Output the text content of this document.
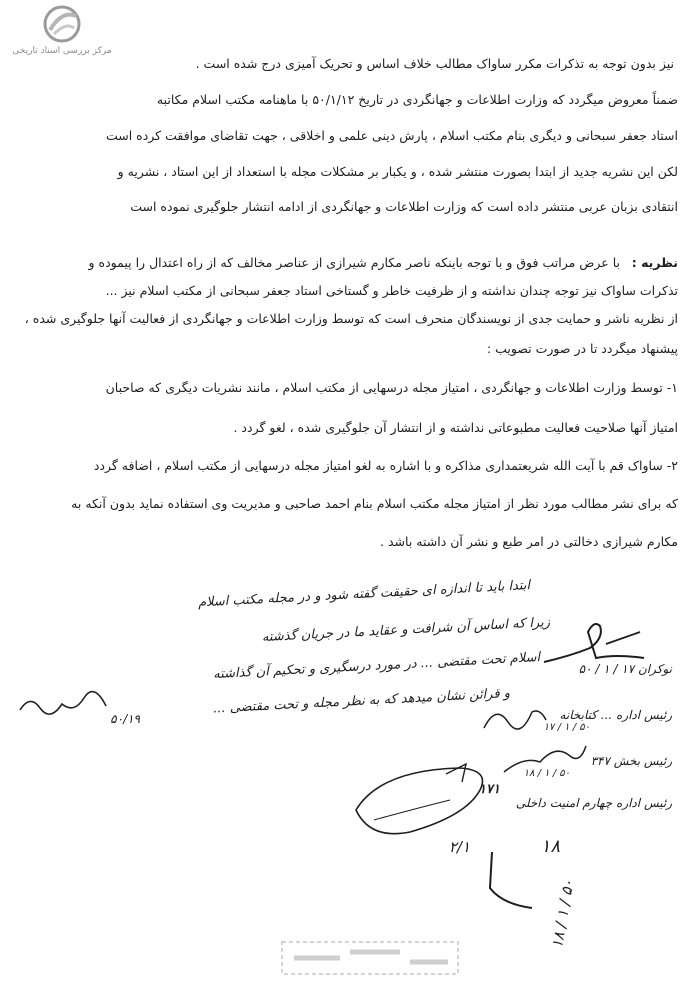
مرکز بررسی اسناد تاریخی
نیز بدون توجه به تذکرات مکرر ساواک مطالب خلاف اساس و تحریک آمیزی درج شده است .
ضمناً معروض میگردد که وزارت اطلاعات و جهانگردی در تاریخ ۵۰/۱/۱۲ با ماهنامه مکتب اسلام مکاتبه
استاد جعفر سبحانی و دیگری بنام مکتب اسلام ، پارش دینی علمی و اخلاقی ، جهت تقاضای موافقت کرده است
لکن این نشریه جدید از ابتدا بصورت منتشر شده ، و یکبار بر مشکلات مجله با استعداد از این استاد ، نشریه و
انتقادی بزبان عربی منتشر داده است که وزارت اطلاعات و جهانگردی از ادامه انتشار جلوگیری نموده است
نظریه :
با عرض مراتب فوق و با توجه باینکه ناصر مکارم شیرازی از عناصر مخالف که از راه اعتدال را پیموده و
تذکرات ساواک نیز توجه چندان نداشته و از ظرفیت خاطر و گستاخی استاد جعفر سبحانی از مکتب اسلام نیز ...
از نظریه ناشر و حمایت جدی از نویسندگان منحرف است که توسط وزارت اطلاعات و جهانگردی از فعالیت آنها جلوگیری شده ،
پیشنهاد میگردد تا در صورت تصویب :
۱- توسط وزارت اطلاعات و جهانگردی ، امتیاز مجله درسهایی از مکتب اسلام ، مانند نشریات دیگری که صاحبان
امتیاز آنها صلاحیت فعالیت مطبوعاتی نداشته و از انتشار آن جلوگیری شده ، لغو گردد .
۲- ساواک قم با آیت الله شریعتمداری مذاکره و با اشاره به لغو امتیاز مجله درسهایی از مکتب اسلام ، اضافه گردد
که برای نشر مطالب مورد نظر از امتیاز مجله مکتب اسلام بنام احمد صاحبی و مدیریت وی استفاده نماید بدون آنکه به
مکارم شیرازی دخالتی در امر طبع و نشر آن داشته باشد .
ابتدا باید تا اندازه ای حقیقت گفته شود و در مجله مکتب اسلام
زیرا که اساس آن شرافت و عقاید ما در جریان گذشته
اسلام تحت مقتضی ... در مورد درسگیری و تحکیم آن گذاشته
و قرائن نشان میدهد که به نظر مجله و تحت مقتضی ...
۵۰/۱۹
نوکران ۱۷ / ۱ / ۵۰
رئیس اداره ... کتابخانه
۵۰ / ۱ / ۱۷
رئیس بخش ۳۴۷
۵۰ / ۱ / ۱۸
رئیس اداره چهارم امنیت داخلی
۱۷۱
۲/۱	۱۸
۵۰ / ۱ / ۱۸
